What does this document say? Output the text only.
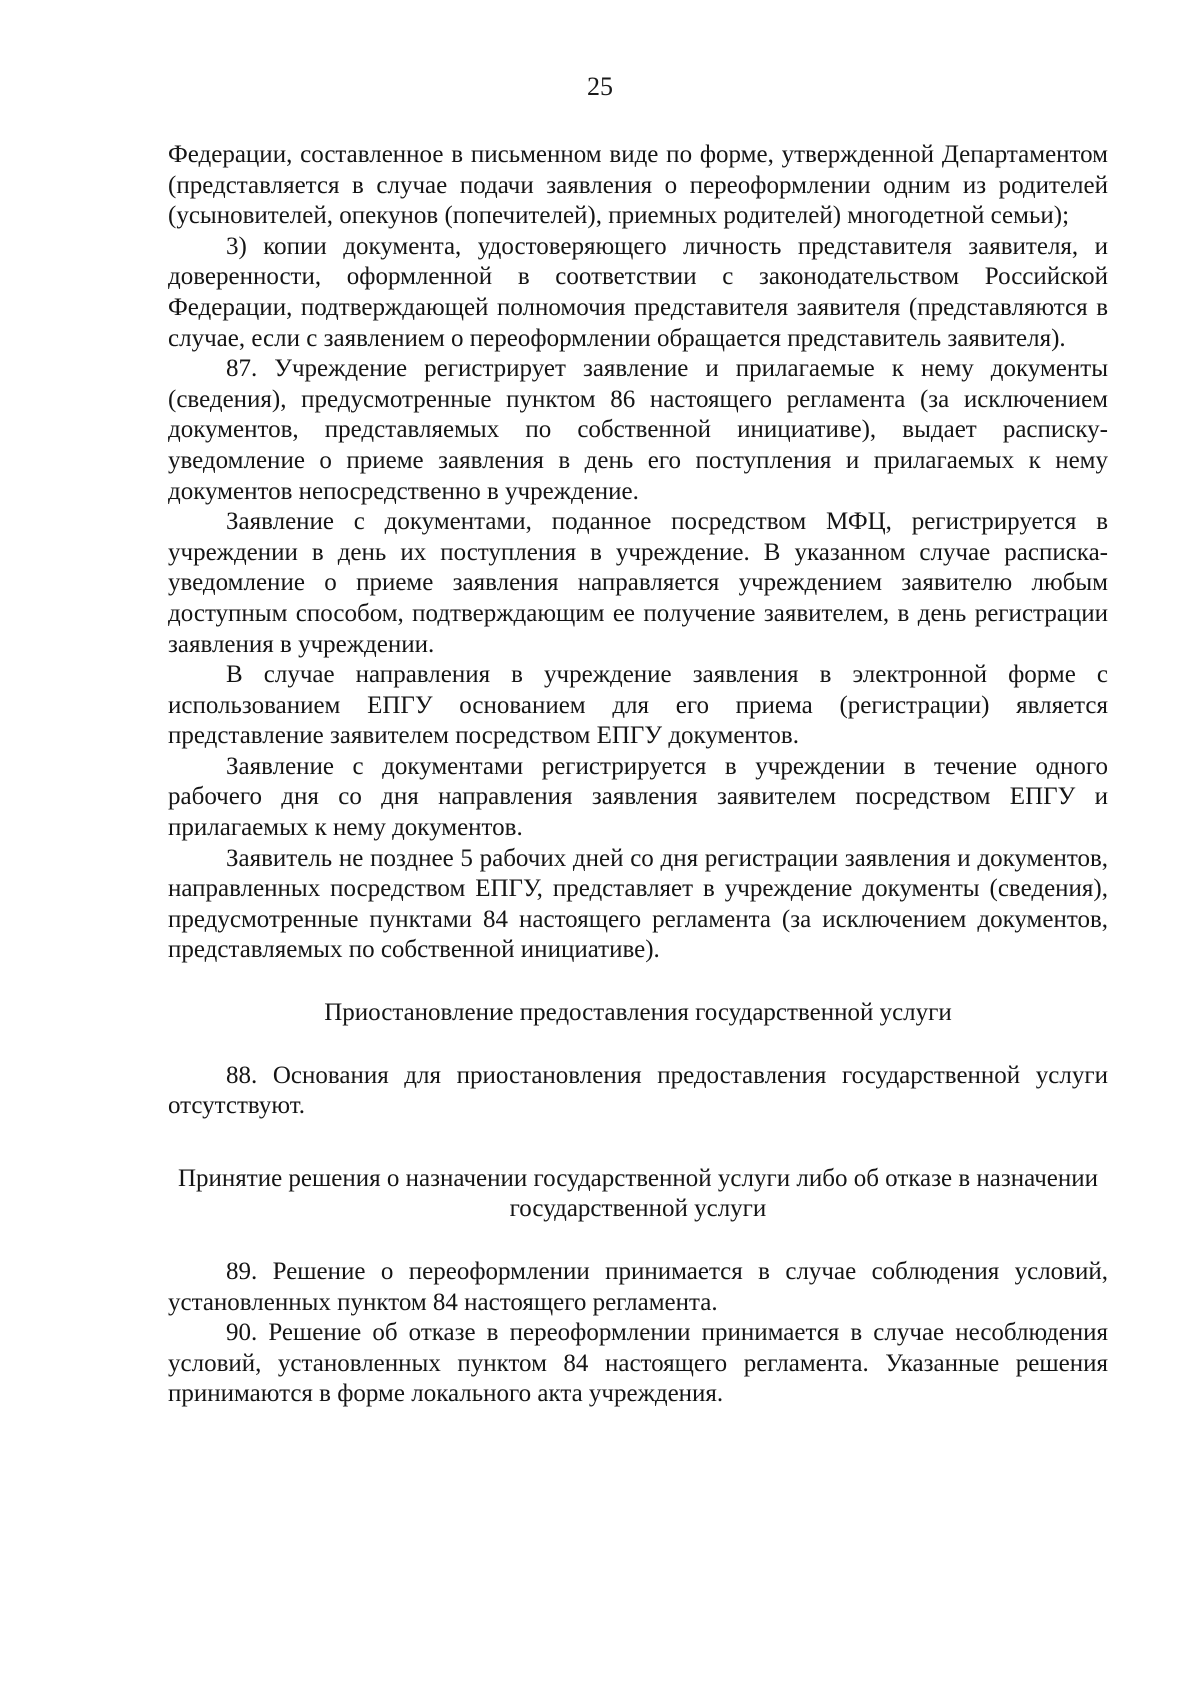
25

Федерации, составленное в письменном виде по форме, утвержденной Департаментом (представляется в случае подачи заявления о переоформлении одним из родителей (усыновителей, опекунов (попечителей), приемных родителей) многодетной семьи);

3) копии документа, удостоверяющего личность представителя заявителя, и доверенности, оформленной в соответствии с законодательством Российской Федерации, подтверждающей полномочия представителя заявителя (представляются в случае, если с заявлением о переоформлении обращается представитель заявителя).

87. Учреждение регистрирует заявление и прилагаемые к нему документы (сведения), предусмотренные пунктом 86 настоящего регламента (за исключением документов, представляемых по собственной инициативе), выдает расписку-уведомление о приеме заявления в день его поступления и прилагаемых к нему документов непосредственно в учреждение.

Заявление с документами, поданное посредством МФЦ, регистрируется в учреждении в день их поступления в учреждение. В указанном случае расписка-уведомление о приеме заявления направляется учреждением заявителю любым доступным способом, подтверждающим ее получение заявителем, в день регистрации заявления в учреждении.

В случае направления в учреждение заявления в электронной форме с использованием ЕПГУ основанием для его приема (регистрации) является представление заявителем посредством ЕПГУ документов.

Заявление с документами регистрируется в учреждении в течение одного рабочего дня со дня направления заявления заявителем посредством ЕПГУ и прилагаемых к нему документов.

Заявитель не позднее 5 рабочих дней со дня регистрации заявления и документов, направленных посредством ЕПГУ, представляет в учреждение документы (сведения), предусмотренные пунктами 84 настоящего регламента (за исключением документов, представляемых по собственной инициативе).

Приостановление предоставления государственной услуги

88. Основания для приостановления предоставления государственной услуги отсутствуют.

Принятие решения о назначении государственной услуги либо об отказе в назначении государственной услуги

89. Решение о переоформлении принимается в случае соблюдения условий, установленных пунктом 84 настоящего регламента.

90. Решение об отказе в переоформлении принимается в случае несоблюдения условий, установленных пунктом 84 настоящего регламента. Указанные решения принимаются в форме локального акта учреждения.
